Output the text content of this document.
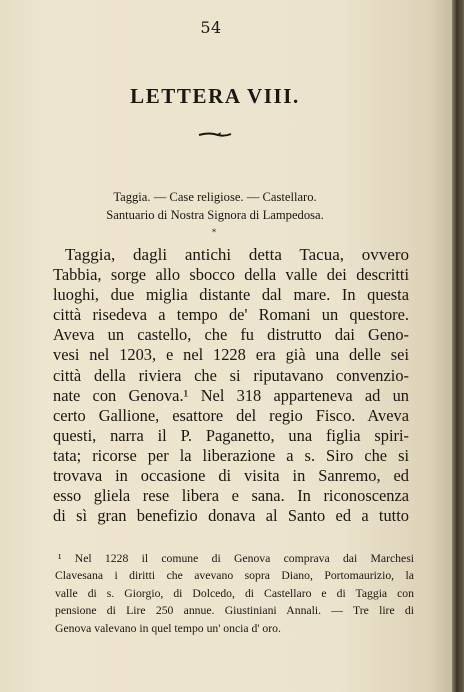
54
LETTERA VIII.
Taggia. — Case religiose. — Castellaro.
Santuario di Nostra Signora di Lampedosa.
*
Taggia, dagli antichi detta Tacua, ovvero
Tabbia, sorge allo sbocco della valle dei descritti
luoghi, due miglia distante dal mare. In questa
città risedeva a tempo de' Romani un questore.
Aveva un castello, che fu distrutto dai Geno-
vesi nel 1203, e nel 1228 era già una delle sei
città della riviera che si riputavano convenzio-
nate con Genova.¹ Nel 318 apparteneva ad un
certo Gallione, esattore del regio Fisco. Aveva
questi, narra il P. Paganetto, una figlia spiri-
tata; ricorse per la liberazione a s. Siro che si
trovava in occasione di visita in Sanremo, ed
esso gliela rese libera e sana. In riconoscenza
di sì gran benefizio donava al Santo ed a tutto
¹ Nel 1228 il comune di Genova comprava dai Marchesi
Clavesana i diritti che avevano sopra Diano, Portomaurizio, la
valle di s. Giorgio, di Dolcedo, di Castellaro e di Taggia con
pensione di Lire 250 annue. Giustiniani Annali. — Tre lire di
Genova valevano in quel tempo un' oncia d' oro.
